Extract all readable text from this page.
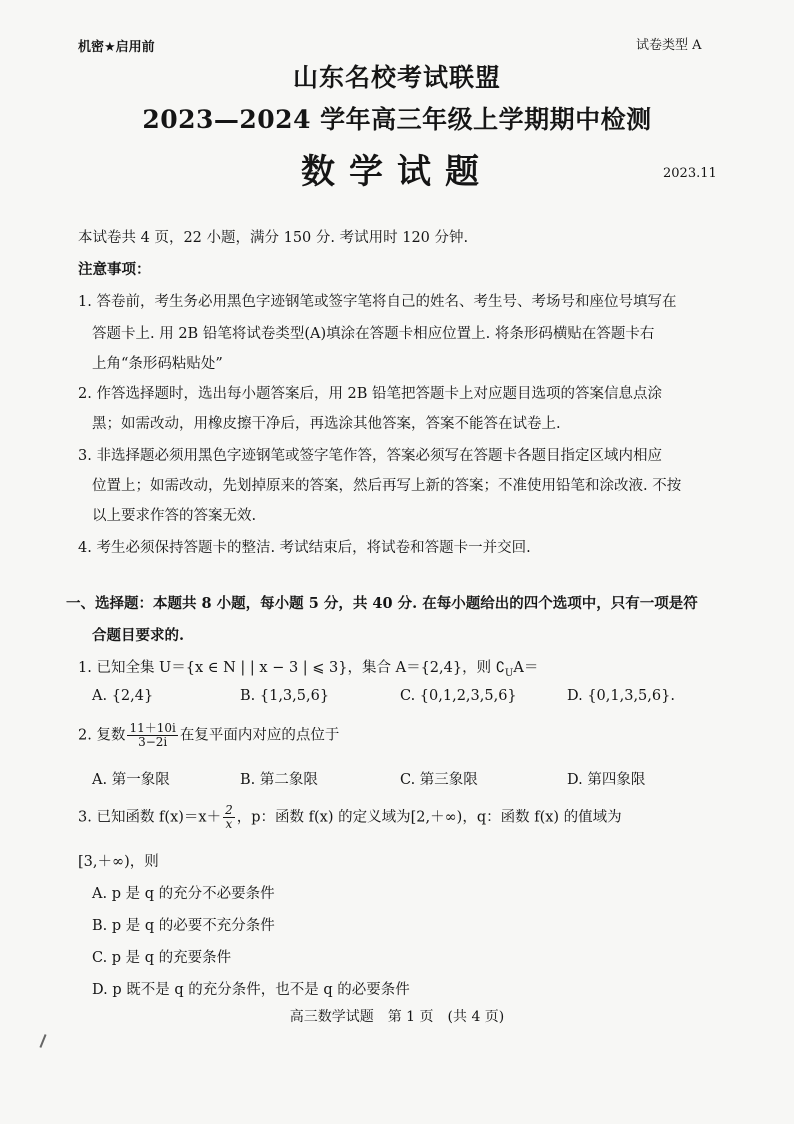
机密★启用前	试卷类型 A
山东名校考试联盟
2023—2024 学年高三年级上学期期中检测
数学试题	2023.11
本试卷共 4 页，22 小题，满分 150 分. 考试用时 120 分钟.
注意事项：
1. 答卷前，考生务必用黑色字迹钢笔或签字笔将自己的姓名、考生号、考场号和座位号填写在
答题卡上. 用 2B 铅笔将试卷类型(A)填涂在答题卡相应位置上. 将条形码横贴在答题卡右
上角“条形码粘贴处”
2. 作答选择题时，选出每小题答案后，用 2B 铅笔把答题卡上对应题目选项的答案信息点涂
黑；如需改动，用橡皮擦干净后，再选涂其他答案，答案不能答在试卷上.
3. 非选择题必须用黑色字迹钢笔或签字笔作答，答案必须写在答题卡各题目指定区域内相应
位置上；如需改动，先划掉原来的答案，然后再写上新的答案；不准使用铅笔和涂改液. 不按
以上要求作答的答案无效.
4. 考生必须保持答题卡的整洁. 考试结束后，将试卷和答题卡一并交回.
一、选择题：本题共 8 小题，每小题 5 分，共 40 分. 在每小题给出的四个选项中，只有一项是符
合题目要求的.
1. 已知全集 U＝{x ∈ N | | x − 3 | ⩽ 3}，集合 A＝{2,4}，则 $∁_UA=$
A. {2,4}	B. {1,3,5,6}	C. {0,1,2,3,5,6}	D. {0,1,3,5,6}.
2. 复数 $\frac{11+10i}{3-2i}$ 在复平面内对应的点位于
A. 第一象限	B. 第二象限	C. 第三象限	D. 第四象限
3. 已知函数 $f(x)=x+ \frac{2}{x}$ ，p：函数 f(x) 的定义域为[2,＋∞)，q：函数 f(x) 的值域为
[3,＋∞)，则
A. p 是 q 的充分不必要条件
B. p 是 q 的必要不充分条件
C. p 是 q 的充要条件
D. p 既不是 q 的充分条件，也不是 q 的必要条件
高三数学试题　第 1 页　(共 4 页)
